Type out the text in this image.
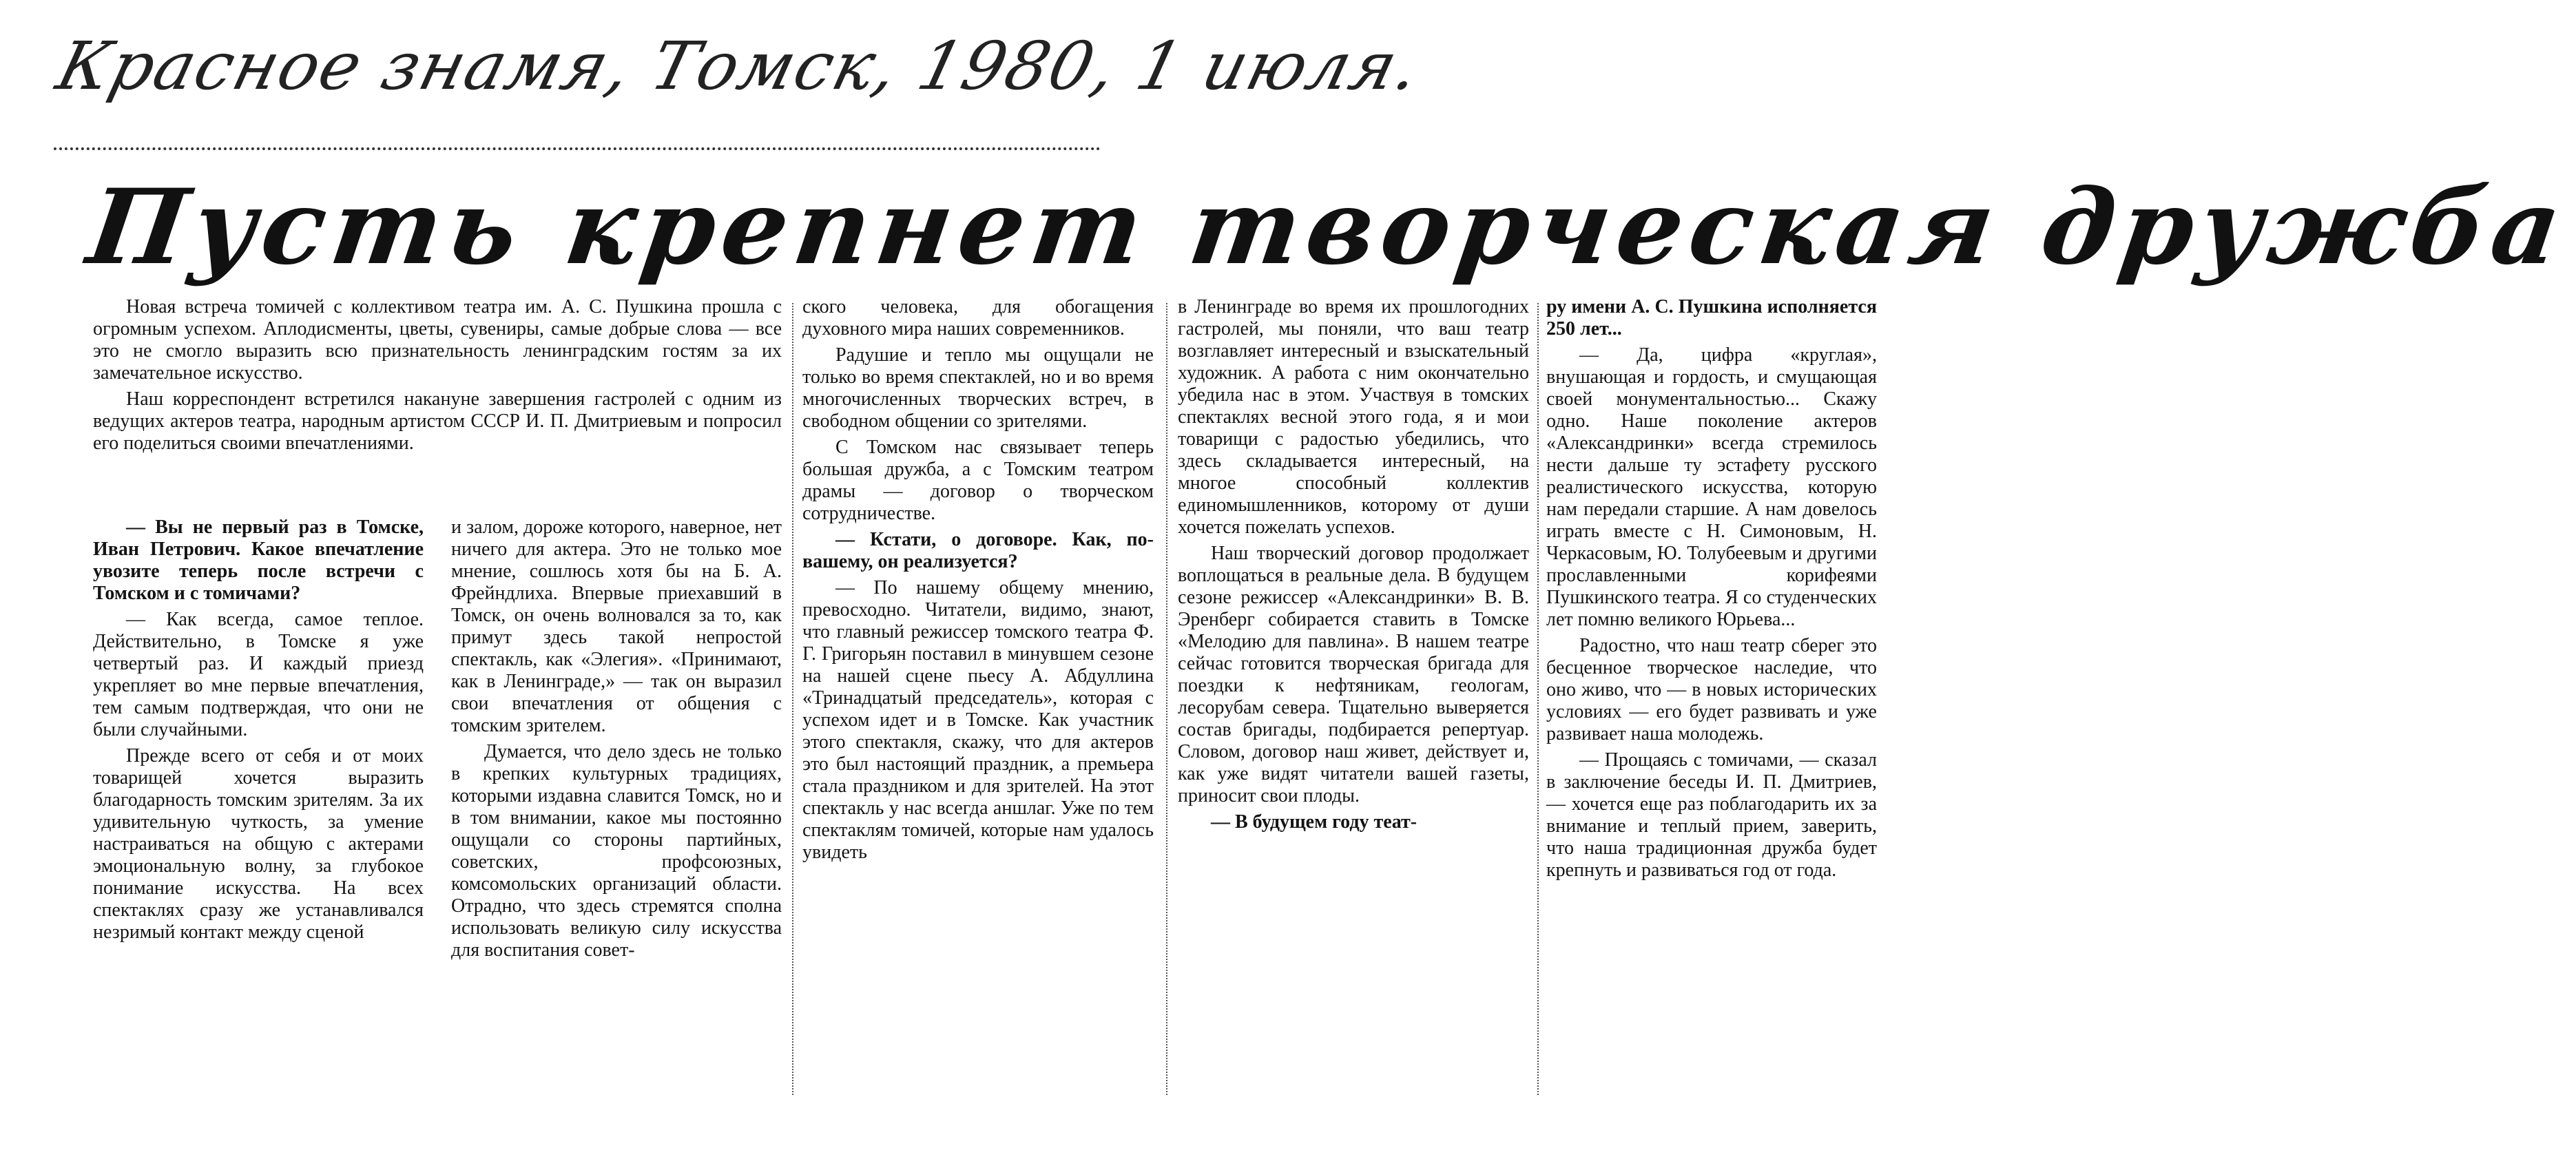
Красное знамя, Томск, 1980, 1 июля.
Пусть крепнет творческая дружба

Новая встреча томичей с коллективом театра им. А. С. Пушкина прошла с огромным успехом. Аплодисменты, цветы, сувениры, самые добрые слова — все это не смогло выразить всю признательность ленинградским гостям за их замечательное искусство.

Наш корреспондент встретился накануне завершения гастролей с одним из ведущих актеров театра, народным артистом СССР И. П. Дмитриевым и попросил его поделиться своими впечатлениями.

— Вы не первый раз в Томске, Иван Петрович. Какое впечатление увозите теперь после встречи с Томском и с томичами?

— Как всегда, самое теплое. Действительно, в Томске я уже четвертый раз. И каждый приезд укрепляет во мне первые впечатления, тем самым подтверждая, что они не были случайными.

Прежде всего от себя и от моих товарищей хочется выразить благодарность томским зрителям. За их удивительную чуткость, за умение настраиваться на общую с актерами эмоциональную волну, за глубокое понимание искусства. На всех спектаклях сразу же устанавливался незримый контакт между сценой

и залом, дороже которого, наверное, нет ничего для актера. Это не только мое мнение, сошлюсь хотя бы на Б. А. Фрейндлиха. Впервые приехавший в Томск, он очень волновался за то, как примут здесь такой непростой спектакль, как «Элегия». «Принимают, как в Ленинграде,» — так он выразил свои впечатления от общения с томским зрителем.

Думается, что дело здесь не только в крепких культурных традициях, которыми издавна славится Томск, но и в том внимании, какое мы постоянно ощущали со стороны партийных, советских, профсоюзных, комсомольских организаций области. Отрадно, что здесь стремятся сполна использовать великую силу искусства для воспитания совет-

ского человека, для обогащения духовного мира наших современников.

Радушие и тепло мы ощущали не только во время спектаклей, но и во время многочисленных творческих встреч, в свободном общении со зрителями.

С Томском нас связывает теперь большая дружба, а с Томским театром драмы — договор о творческом сотрудничестве.

— Кстати, о договоре. Как, по-вашему, он реализуется?

— По нашему общему мнению, превосходно. Читатели, видимо, знают, что главный режиссер томского театра Ф. Г. Григорьян поставил в минувшем сезоне на нашей сцене пьесу А. Абдуллина «Тринадцатый председатель», которая с успехом идет и в Томске. Как участник этого спектакля, скажу, что для актеров это был настоящий праздник, а премьера стала праздником и для зрителей. На этот спектакль у нас всегда аншлаг. Уже по тем спектаклям томичей, которые нам удалось увидеть

в Ленинграде во время их прошлогодних гастролей, мы поняли, что ваш театр возглавляет интересный и взыскательный художник. А работа с ним окончательно убедила нас в этом. Участвуя в томских спектаклях весной этого года, я и мои товарищи с радостью убедились, что здесь складывается интересный, на многое способный коллектив единомышленников, которому от души хочется пожелать успехов.

Наш творческий договор продолжает воплощаться в реальные дела. В будущем сезоне режиссер «Александринки» В. В. Эренберг собирается ставить в Томске «Мелодию для павлина». В нашем театре сейчас готовится творческая бригада для поездки к нефтяникам, геологам, лесорубам севера. Тщательно выверяется состав бригады, подбирается репертуар. Словом, договор наш живет, действует и, как уже видят читатели вашей газеты, приносит свои плоды.

— В будущем году теат-

ру имени А. С. Пушкина исполняется 250 лет...

— Да, цифра «круглая», внушающая и гордость, и смущающая своей монументальностью... Скажу одно. Наше поколение актеров «Александринки» всегда стремилось нести дальше ту эстафету русского реалистического искусства, которую нам передали старшие. А нам довелось играть вместе с Н. Симоновым, Н. Черкасовым, Ю. Толубеевым и другими прославленными корифеями Пушкинского театра. Я со студенческих лет помню великого Юрьева...

Радостно, что наш театр сберег это бесценное творческое наследие, что оно живо, что — в новых исторических условиях — его будет развивать и уже развивает наша молодежь.

— Прощаясь с томичами, — сказал в заключение беседы И. П. Дмитриев, — хочется еще раз поблагодарить их за внимание и теплый прием, заверить, что наша традиционная дружба будет крепнуть и развиваться год от года.
